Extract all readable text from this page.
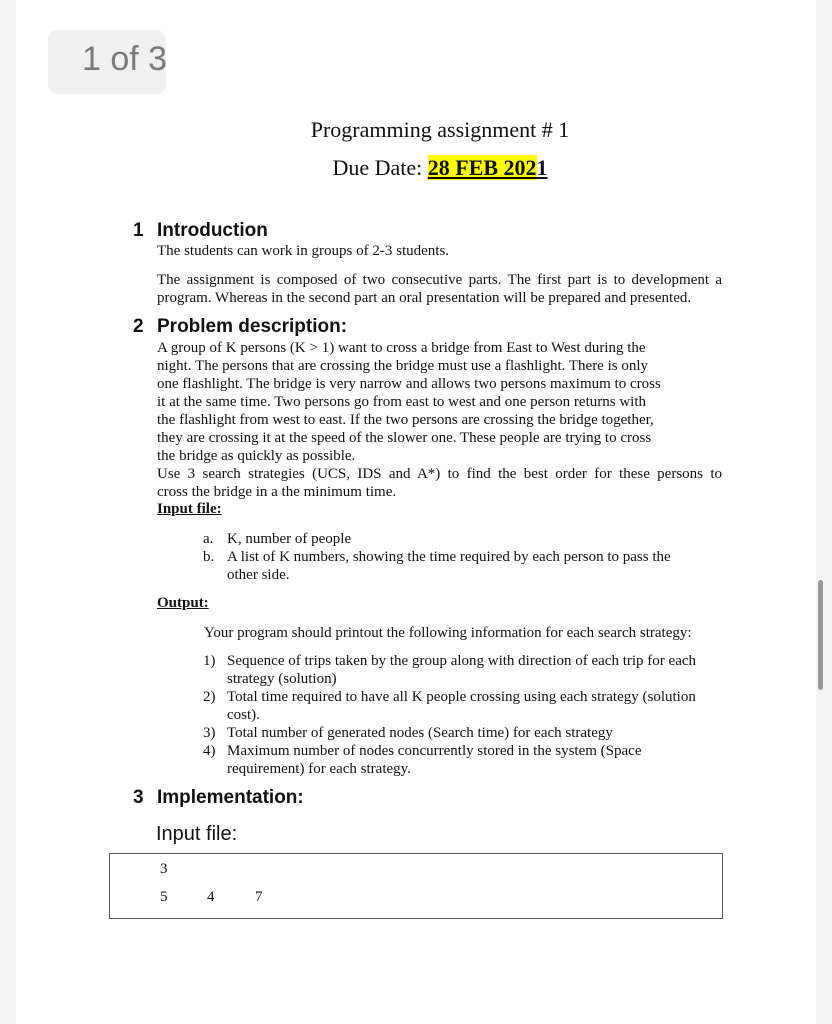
1 of 3
Programming assignment # 1
Due Date: 28 FEB 2021
1 Introduction
The students can work in groups of 2-3 students.
The assignment is composed of two consecutive parts. The first part is to development a
program. Whereas in the second part an oral presentation will be prepared and presented.
2 Problem description:
A group of K persons (K > 1) want to cross a bridge from East to West during the
night. The persons that are crossing the bridge must use a flashlight. There is only
one flashlight. The bridge is very narrow and allows two persons maximum to cross
it at the same time. Two persons go from east to west and one person returns with
the flashlight from west to east. If the two persons are crossing the bridge together,
they are crossing it at the speed of the slower one. These people are trying to cross
the bridge as quickly as possible.
Use 3 search strategies (UCS, IDS and A*) to find the best order for these persons to
cross the bridge in a the minimum time.
Input file:
a. K, number of people
b. A list of K numbers, showing the time required by each person to pass the
other side.
Output:
Your program should printout the following information for each search strategy:
1) Sequence of trips taken by the group along with direction of each trip for each
strategy (solution)
2) Total time required to have all K people crossing using each strategy (solution
cost).
3) Total number of generated nodes (Search time) for each strategy
4) Maximum number of nodes concurrently stored in the system (Space
requirement) for each strategy.
3 Implementation:
Input file:
3
5	4	7
